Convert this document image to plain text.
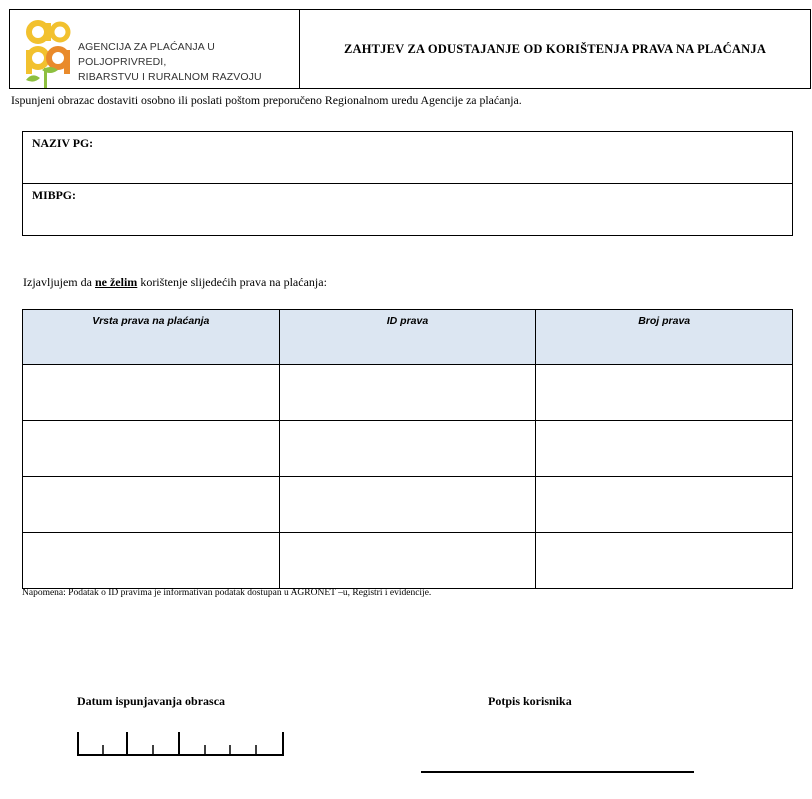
AGENCIJA ZA PLAĆANJA U POLJOPRIVREDI,
RIBARSTVU I RURALNOM RAZVOJU
ZAHTJEV ZA ODUSTAJANJE OD KORIŠTENJA PRAVA NA PLAĆANJA
Ispunjeni obrazac dostaviti osobno ili poslati poštom preporučeno Regionalnom uredu Agencije za plaćanja.
NAZIV PG:
MIBPG:
Izjavljujem da ne želim korištenje slijedećih prava na plaćanja:
Vrsta prava na plaćanja	ID prava	Broj prava

Napomena: Podatak o ID pravima je informativan podatak dostupan u AGRONET –u, Registri i evidencije.
Datum ispunjavanja obrasca	Potpis korisnika
